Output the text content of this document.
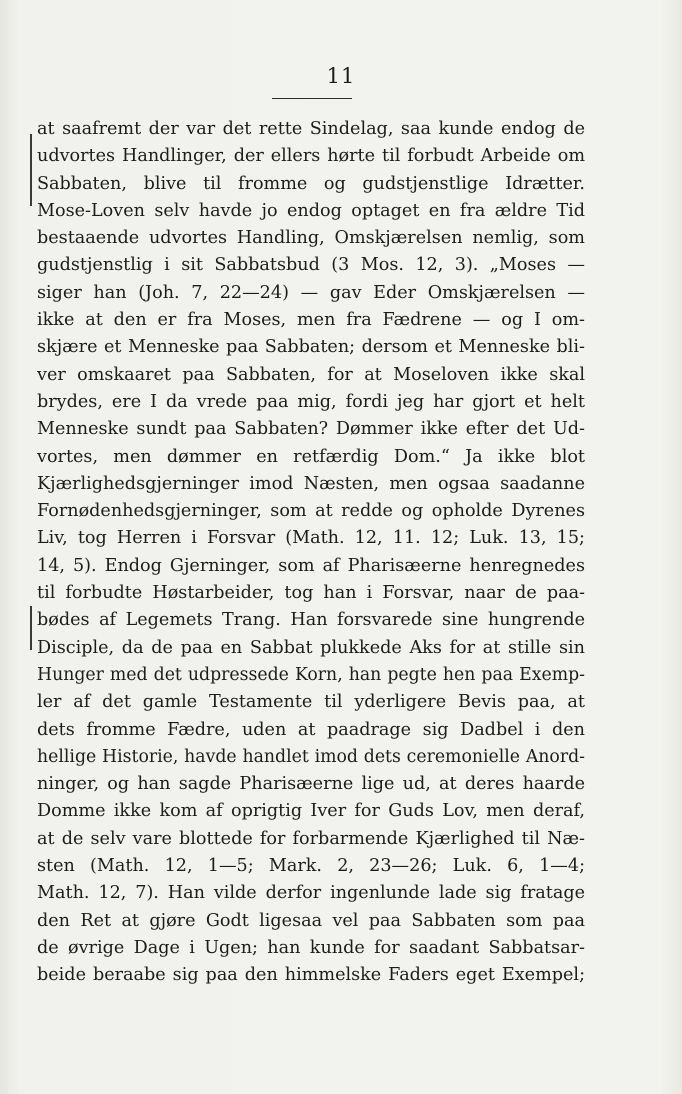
11
at saafremt der var det rette Sindelag, saa kunde endog de
udvortes Handlinger, der ellers hørte til forbudt Arbeide om
Sabbaten, blive til fromme og gudstjenstlige Idrætter.
Mose-Loven selv havde jo endog optaget en fra ældre Tid
bestaaende udvortes Handling, Omskjærelsen nemlig, som
gudstjenstlig i sit Sabbatsbud (3 Mos. 12, 3). „Moses —
siger han (Joh. 7, 22—24) — gav Eder Omskjærelsen —
ikke at den er fra Moses, men fra Fædrene — og I om-
skjære et Menneske paa Sabbaten; dersom et Menneske bli-
ver omskaaret paa Sabbaten, for at Moseloven ikke skal
brydes, ere I da vrede paa mig, fordi jeg har gjort et helt
Menneske sundt paa Sabbaten? Dømmer ikke efter det Ud-
vortes, men dømmer en retfærdig Dom.“ Ja ikke blot
Kjærlighedsgjerninger imod Næsten, men ogsaa saadanne
Fornødenhedsgjerninger, som at redde og opholde Dyrenes
Liv, tog Herren i Forsvar (Math. 12, 11. 12; Luk. 13, 15;
14, 5). Endog Gjerninger, som af Pharisæerne henregnedes
til forbudte Høstarbeider, tog han i Forsvar, naar de paa-
bødes af Legemets Trang. Han forsvarede sine hungrende
Disciple, da de paa en Sabbat plukkede Aks for at stille sin
Hunger med det udpressede Korn, han pegte hen paa Exemp-
ler af det gamle Testamente til yderligere Bevis paa, at
dets fromme Fædre, uden at paadrage sig Dadbel i den
hellige Historie, havde handlet imod dets ceremonielle Anord-
ninger, og han sagde Pharisæerne lige ud, at deres haarde
Domme ikke kom af oprigtig Iver for Guds Lov, men deraf,
at de selv vare blottede for forbarmende Kjærlighed til Næ-
sten (Math. 12, 1—5; Mark. 2, 23—26; Luk. 6, 1—4;
Math. 12, 7). Han vilde derfor ingenlunde lade sig fratage
den Ret at gjøre Godt ligesaa vel paa Sabbaten som paa
de øvrige Dage i Ugen; han kunde for saadant Sabbatsar-
beide beraabe sig paa den himmelske Faders eget Exempel;
